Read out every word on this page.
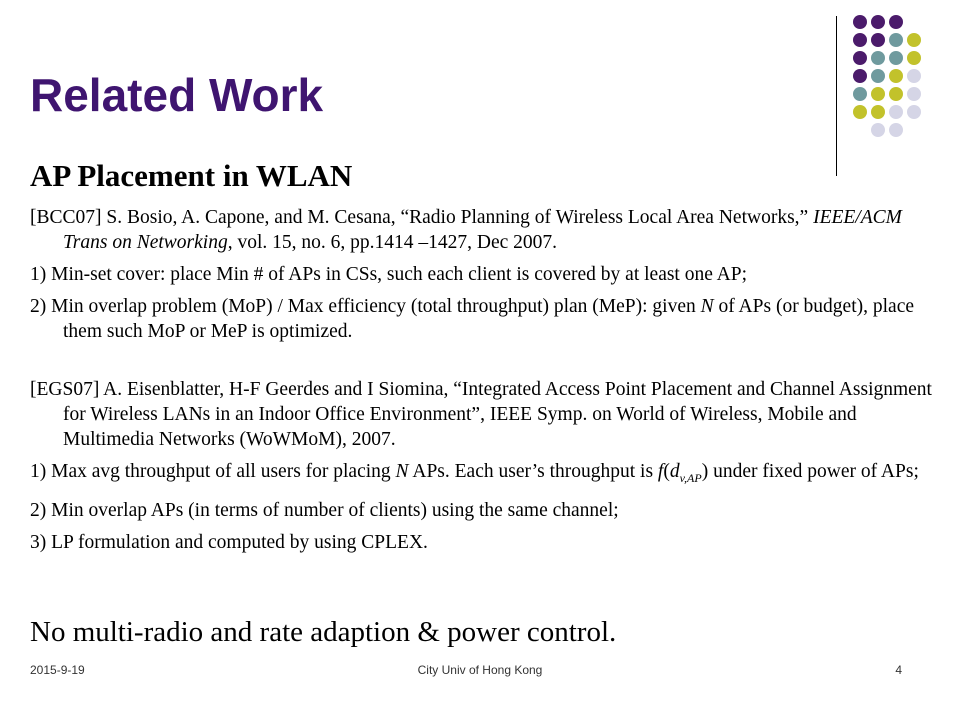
Related Work
AP Placement in WLAN

[BCC07] S. Bosio, A. Capone, and M. Cesana, “Radio Planning of Wireless Local Area Networks,” IEEE/ACM Trans on Networking, vol. 15, no. 6, pp.1414 –1427, Dec 2007.

1) Min-set cover: place Min # of APs in CSs, such each client is covered by at least one AP;

2) Min overlap problem (MoP) / Max efficiency (total throughput) plan (MeP): given N of APs (or budget), place them such MoP or MeP is optimized.

[EGS07] A. Eisenblatter, H-F Geerdes and I Siomina, “Integrated Access Point Placement and Channel Assignment for Wireless LANs in an Indoor Office Environment”, IEEE Symp. on World of Wireless, Mobile and Multimedia Networks (WoWMoM), 2007.

1) Max avg throughput of all users for placing N APs. Each user’s throughput is $f(d_{v,AP})$ under fixed power of APs;

2) Min overlap APs (in terms of number of clients) using the same channel;

3) LP formulation and computed by using CPLEX.

No multi-radio and rate adaption & power control.

2015-9-19	City Univ of Hong Kong	4
